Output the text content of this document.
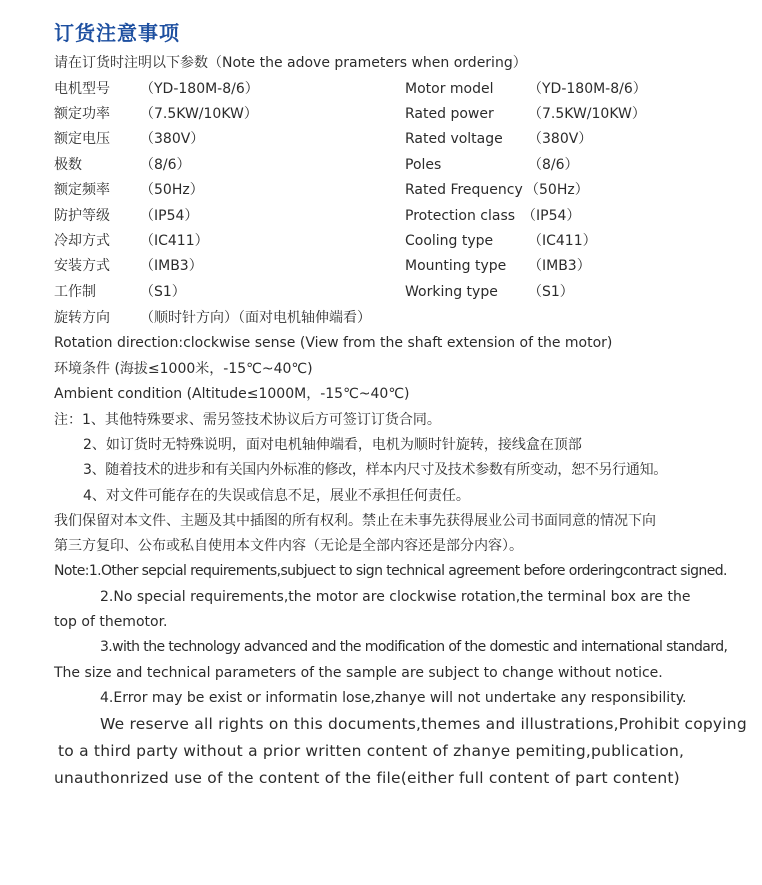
订货注意事项
请在订货时注明以下参数（Note the adove prameters when ordering）
电机型号 （YD-180M-8/6）	Motor model （YD-180M-8/6）
额定功率 （7.5KW/10KW）	Rated power （7.5KW/10KW）
额定电压 （380V）	Rated voltage （380V）
极数	（8/6）	Poles	（8/6）
额定频率 （50Hz）	Rated Frequency （50Hz）
防护等级 （IP54）	Protection class （IP54）
冷却方式 （IC411）	Cooling type （IC411）
安装方式 （IMB3）	Mounting type （IMB3）
工作制	（S1）	Working type （S1）
旋转方向 （顺时针方向）（面对电机轴伸端看）
Rotation direction:clockwise sense (View from the shaft extension of the motor)
环境条件 (海拔≤1000米，-15℃~40℃)
Ambient condition (Altitude≤1000M，-15℃~40℃)
注：1、其他特殊要求、需另签技术协议后方可签订订货合同。
2、如订货时无特殊说明，面对电机轴伸端看，电机为顺时针旋转，接线盒在顶部
3、随着技术的进步和有关国内外标准的修改，样本内尺寸及技术参数有所变动，恕不另行通知。
4、对文件可能存在的失误或信息不足，展业不承担任何责任。
我们保留对本文件、主题及其中插图的所有权利。禁止在未事先获得展业公司书面同意的情况下向
第三方复印、公布或私自使用本文件内容（无论是全部内容还是部分内容）。
Note:1.Other sepcial requirements,subjuect to sign technical agreement before orderingcontract signed.
2.No special requirements,the motor are clockwise rotation,the terminal box are the
top of themotor.
3.with the technology advanced and the modification of the domestic and international standard,
The size and technical parameters of the sample are subject to change without notice.
4.Error may be exist or informatin lose,zhanye will not undertake any responsibility.
We reserve all rights on this documents,themes and illustrations,Prohibit copying
to a third party without a prior written content of zhanye pemiting,publication,
unauthonrized use of the content of the file(either full content of part content)
